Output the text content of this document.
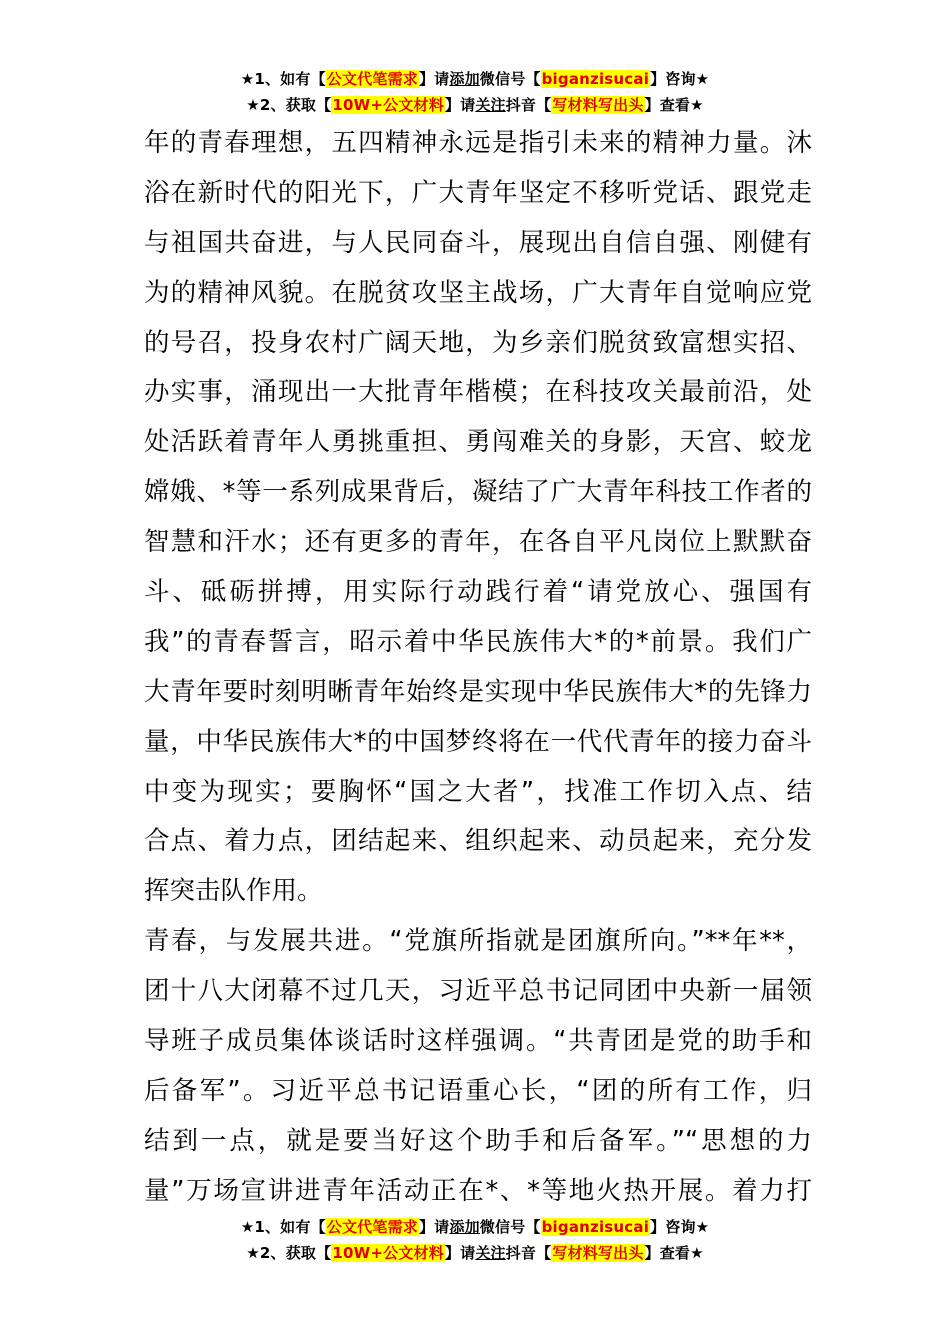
★1、如有【公文代笔需求】请添加微信号【biganzisucai】咨询★
★2、获取【10W+公文材料】请关注抖音【写材料写出头】查看★
年的青春理想，五四精神永远是指引未来的精神力量。沐
浴在新时代的阳光下，广大青年坚定不移听党话、跟党走
与祖国共奋进，与人民同奋斗，展现出自信自强、刚健有
为的精神风貌。在脱贫攻坚主战场，广大青年自觉响应党
的号召，投身农村广阔天地，为乡亲们脱贫致富想实招、
办实事，涌现出一大批青年楷模；在科技攻关最前沿，处
处活跃着青年人勇挑重担、勇闯难关的身影，天宫、蛟龙
嫦娥、*等一系列成果背后，凝结了广大青年科技工作者的
智慧和汗水；还有更多的青年，在各自平凡岗位上默默奋
斗、砥砺拼搏，用实际行动践行着“请党放心、强国有
我”的青春誓言，昭示着中华民族伟大*的*前景。我们广
大青年要时刻明晰青年始终是实现中华民族伟大*的先锋力
量，中华民族伟大*的中国梦终将在一代代青年的接力奋斗
中变为现实；要胸怀“国之大者”，找准工作切入点、结
合点、着力点，团结起来、组织起来、动员起来，充分发
挥突击队作用。
青春，与发展共进。“党旗所指就是团旗所向。”**年**，
团十八大闭幕不过几天，习近平总书记同团中央新一届领
导班子成员集体谈话时这样强调。“共青团是党的助手和
后备军”。习近平总书记语重心长，“团的所有工作，归
结到一点，就是要当好这个助手和后备军。”“思想的力
量”万场宣讲进青年活动正在*、*等地火热开展。着力打
★1、如有【公文代笔需求】请添加微信号【biganzisucai】咨询★
★2、获取【10W+公文材料】请关注抖音【写材料写出头】查看★
